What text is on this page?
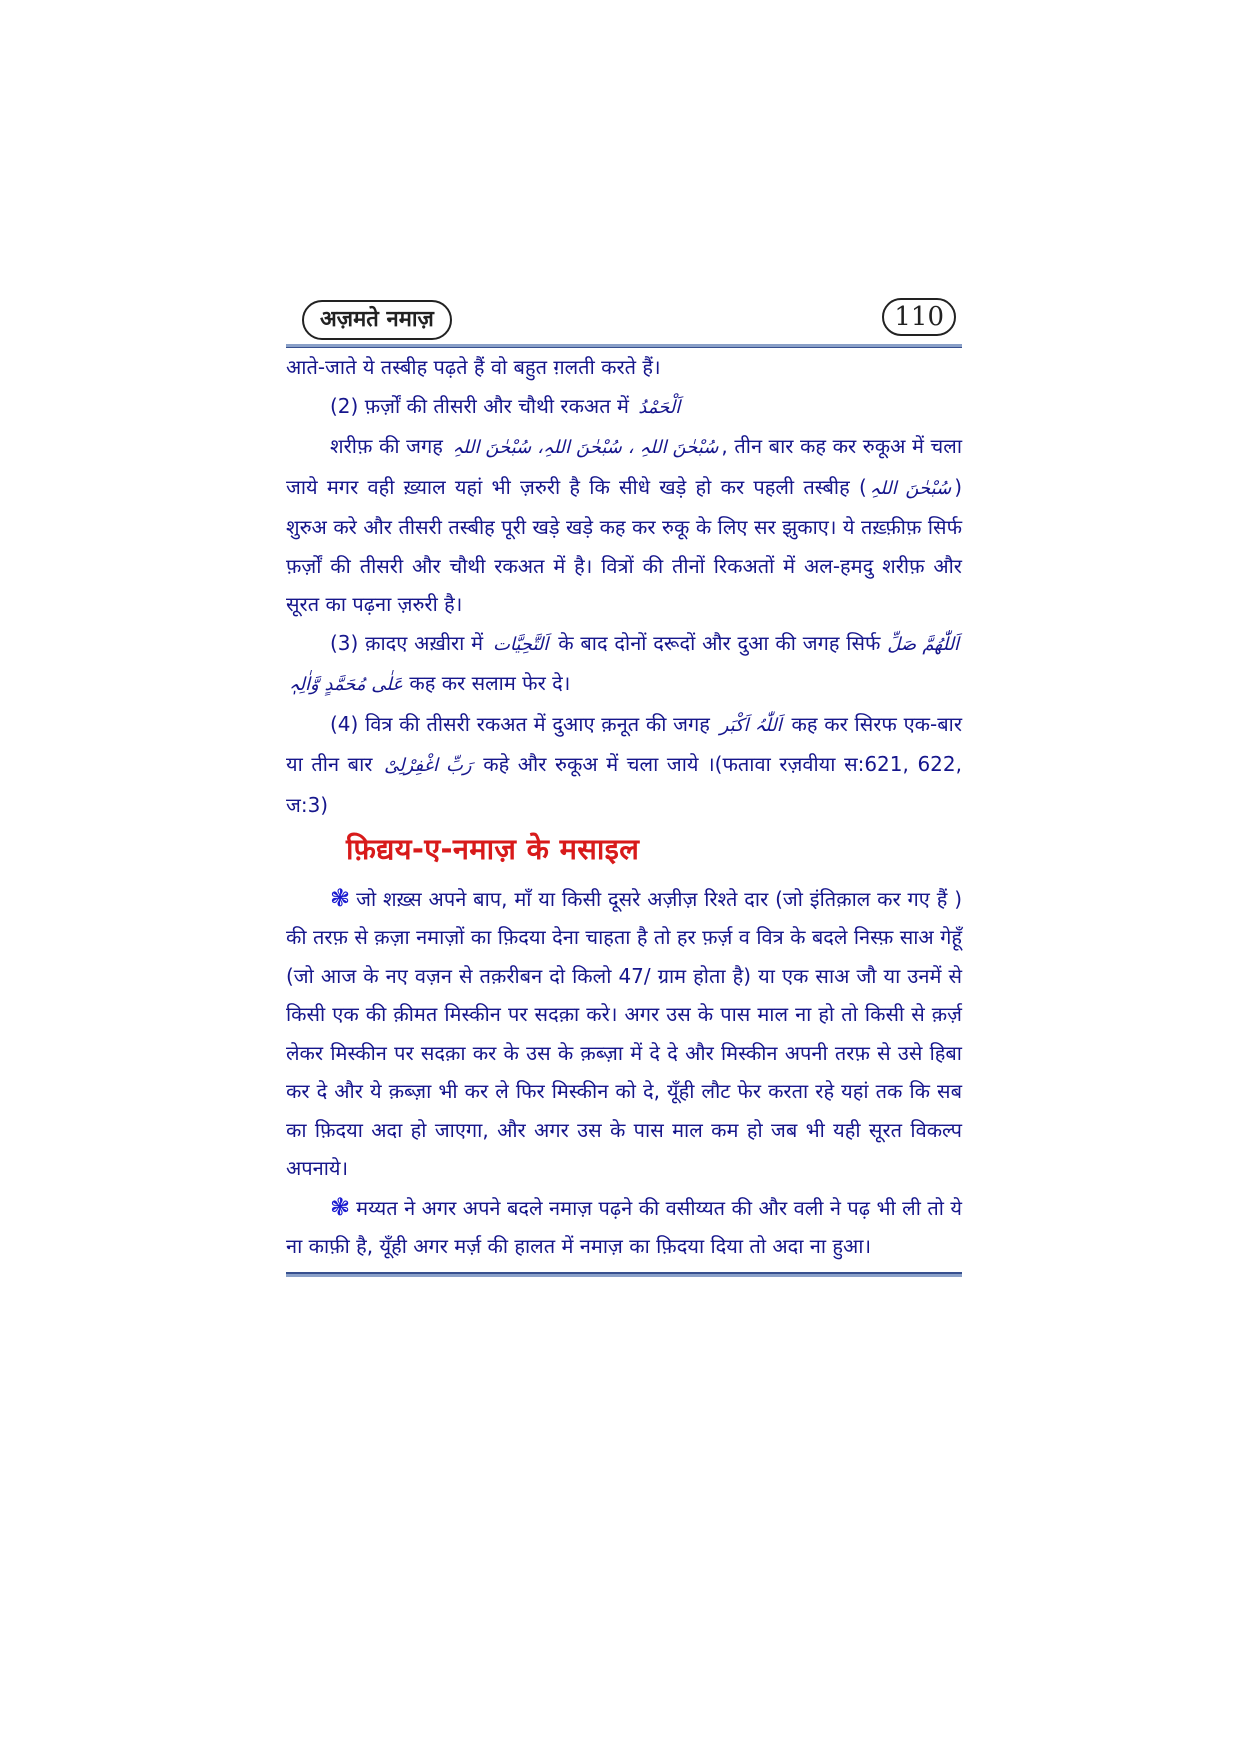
अज़मते नमाज़	110

आते-जाते ये तस्बीह पढ़ते हैं वो बहुत ग़लती करते हैं।

(2) फ़र्ज़ों की तीसरी और चौथी रकअत में اَلْحَمْدُ

शरीफ़ की जगह سُبْحٰنَ اللہِ ، سُبْحٰنَ اللہِ، سُبْحٰنَ اللہِ , तीन बार कह कर रुकूअ में चला जाये मगर वही ख़्याल यहां भी ज़रुरी है कि सीधे खड़े हो कर पहली तस्बीह ( سُبْحٰنَ اللہِ ) शुरुअ करे और तीसरी तस्बीह पूरी खड़े खड़े कह कर रुकू के लिए सर झुकाए। ये तख़्फ़ीफ़ सिर्फ फ़र्ज़ों की तीसरी और चौथी रकअत में है। वित्रों की तीनों रिकअतों में अल-हमदु शरीफ़ और सूरत का पढ़ना ज़रुरी है।

(3) क़ादए अख़ीरा में اَلتَّحِیَّات के बाद दोनों दरूदों और दुआ की जगह सिर्फ اَللّٰھُمَّ صَلِّ عَلٰی مُحَمَّدٍ وَّاٰلِہٖ कह कर सलाम फेर दे।

(4) वित्र की तीसरी रकअत में दुआए क़नूत की जगह اَللّٰہُ اَکْبَر कह कर सिरफ एक-बार या तीन बार رَبِّ اغْفِرْلِیْ कहे और रुकूअ में चला जाये ।(फतावा रज़वीया स:621, 622, ज:3)

फ़िद्यय-ए-नमाज़ के मसाइल

❃ जो शख़्स अपने बाप, माँ या किसी दूसरे अज़ीज़ रिश्ते दार (जो इंतिक़ाल कर गए हैं ) की तरफ़ से क़ज़ा नमाज़ों का फ़िदया देना चाहता है तो हर फ़र्ज़ व वित्र के बदले निस्फ़ साअ गेहूँ (जो आज के नए वज़न से तक़रीबन दो किलो 47/ ग्राम होता है) या एक साअ जौ या उनमें से किसी एक की क़ीमत मिस्कीन पर सदक़ा करे। अगर उस के पास माल ना हो तो किसी से क़र्ज़ लेकर मिस्कीन पर सदक़ा कर के उस के क़ब्ज़ा में दे दे और मिस्कीन अपनी तरफ़ से उसे हिबा कर दे और ये क़ब्ज़ा भी कर ले फिर मिस्कीन को दे, यूँही लौट फेर करता रहे यहां तक कि सब का फ़िदया अदा हो जाएगा, और अगर उस के पास माल कम हो जब भी यही सूरत विकल्प अपनाये।

❃ मय्यत ने अगर अपने बदले नमाज़ पढ़ने की वसीय्यत की और वली ने पढ़ भी ली तो ये ना काफ़ी है, यूँही अगर मर्ज़ की हालत में नमाज़ का फ़िदया दिया तो अदा ना हुआ।
